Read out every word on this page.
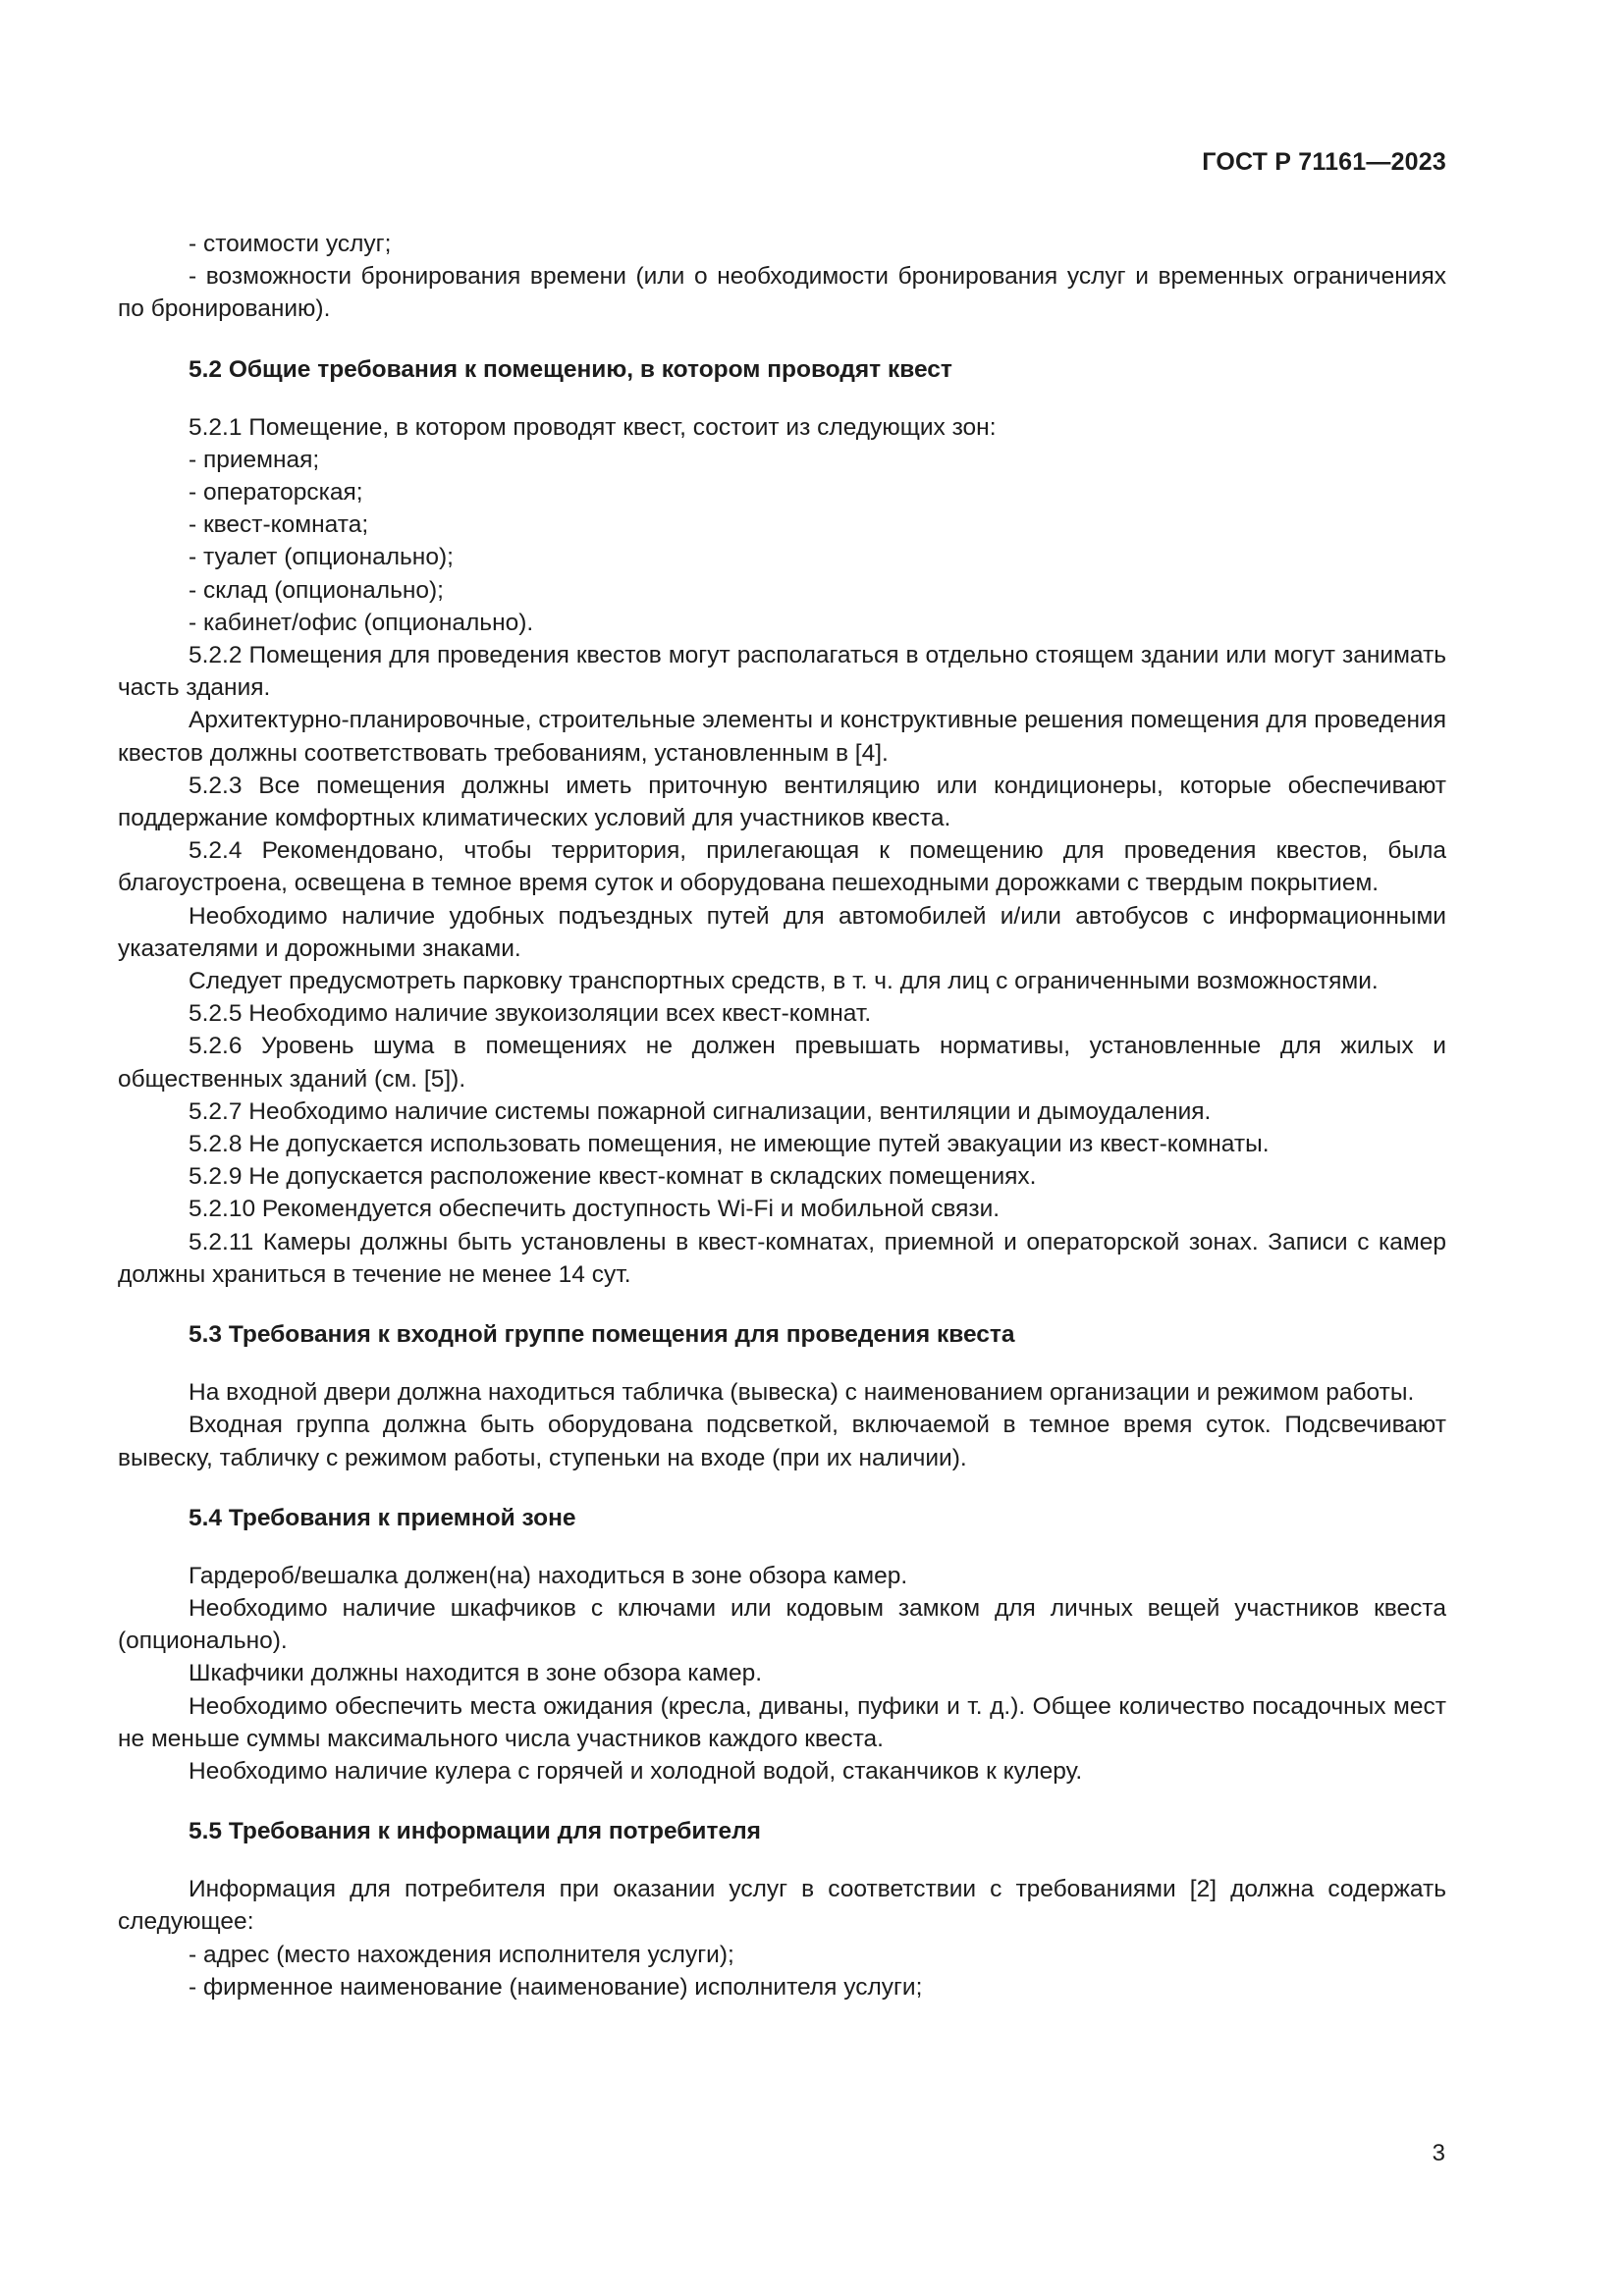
ГОСТ Р 71161—2023
- стоимости услуг;

- возможности бронирования времени (или о необходимости бронирования услуг и временных ограничениях по бронированию).

5.2 Общие требования к помещению, в котором проводят квест

5.2.1 Помещение, в котором проводят квест, состоит из следующих зон:

- приемная;
- операторская;
- квест-комната;
- туалет (опционально);
- склад (опционально);
- кабинет/офис (опционально).

5.2.2 Помещения для проведения квестов могут располагаться в отдельно стоящем здании или могут занимать часть здания.

Архитектурно-планировочные, строительные элементы и конструктивные решения помещения для проведения квестов должны соответствовать требованиям, установленным в [4].

5.2.3 Все помещения должны иметь приточную вентиляцию или кондиционеры, которые обеспечивают поддержание комфортных климатических условий для участников квеста.

5.2.4 Рекомендовано, чтобы территория, прилегающая к помещению для проведения квестов, была благоустроена, освещена в темное время суток и оборудована пешеходными дорожками с твердым покрытием.

Необходимо наличие удобных подъездных путей для автомобилей и/или автобусов с информационными указателями и дорожными знаками.

Следует предусмотреть парковку транспортных средств, в т. ч. для лиц с ограниченными возможностями.

5.2.5 Необходимо наличие звукоизоляции всех квест-комнат.

5.2.6 Уровень шума в помещениях не должен превышать нормативы, установленные для жилых и общественных зданий (см. [5]).

5.2.7 Необходимо наличие системы пожарной сигнализации, вентиляции и дымоудаления.

5.2.8 Не допускается использовать помещения, не имеющие путей эвакуации из квест-комнаты.

5.2.9 Не допускается расположение квест-комнат в складских помещениях.

5.2.10 Рекомендуется обеспечить доступность Wi-Fi и мобильной связи.

5.2.11 Камеры должны быть установлены в квест-комнатах, приемной и операторской зонах. Записи с камер должны храниться в течение не менее 14 сут.

5.3 Требования к входной группе помещения для проведения квеста

На входной двери должна находиться табличка (вывеска) с наименованием организации и режимом работы.

Входная группа должна быть оборудована подсветкой, включаемой в темное время суток. Подсвечивают вывеску, табличку с режимом работы, ступеньки на входе (при их наличии).

5.4 Требования к приемной зоне

Гардероб/вешалка должен(на) находиться в зоне обзора камер.

Необходимо наличие шкафчиков с ключами или кодовым замком для личных вещей участников квеста (опционально).

Шкафчики должны находится в зоне обзора камер.

Необходимо обеспечить места ожидания (кресла, диваны, пуфики и т. д.). Общее количество посадочных мест не меньше суммы максимального числа участников каждого квеста.

Необходимо наличие кулера с горячей и холодной водой, стаканчиков к кулеру.

5.5 Требования к информации для потребителя

Информация для потребителя при оказании услуг в соответствии с требованиями [2] должна содержать следующее:

- адрес (место нахождения исполнителя услуги);
- фирменное наименование (наименование) исполнителя услуги;
3
